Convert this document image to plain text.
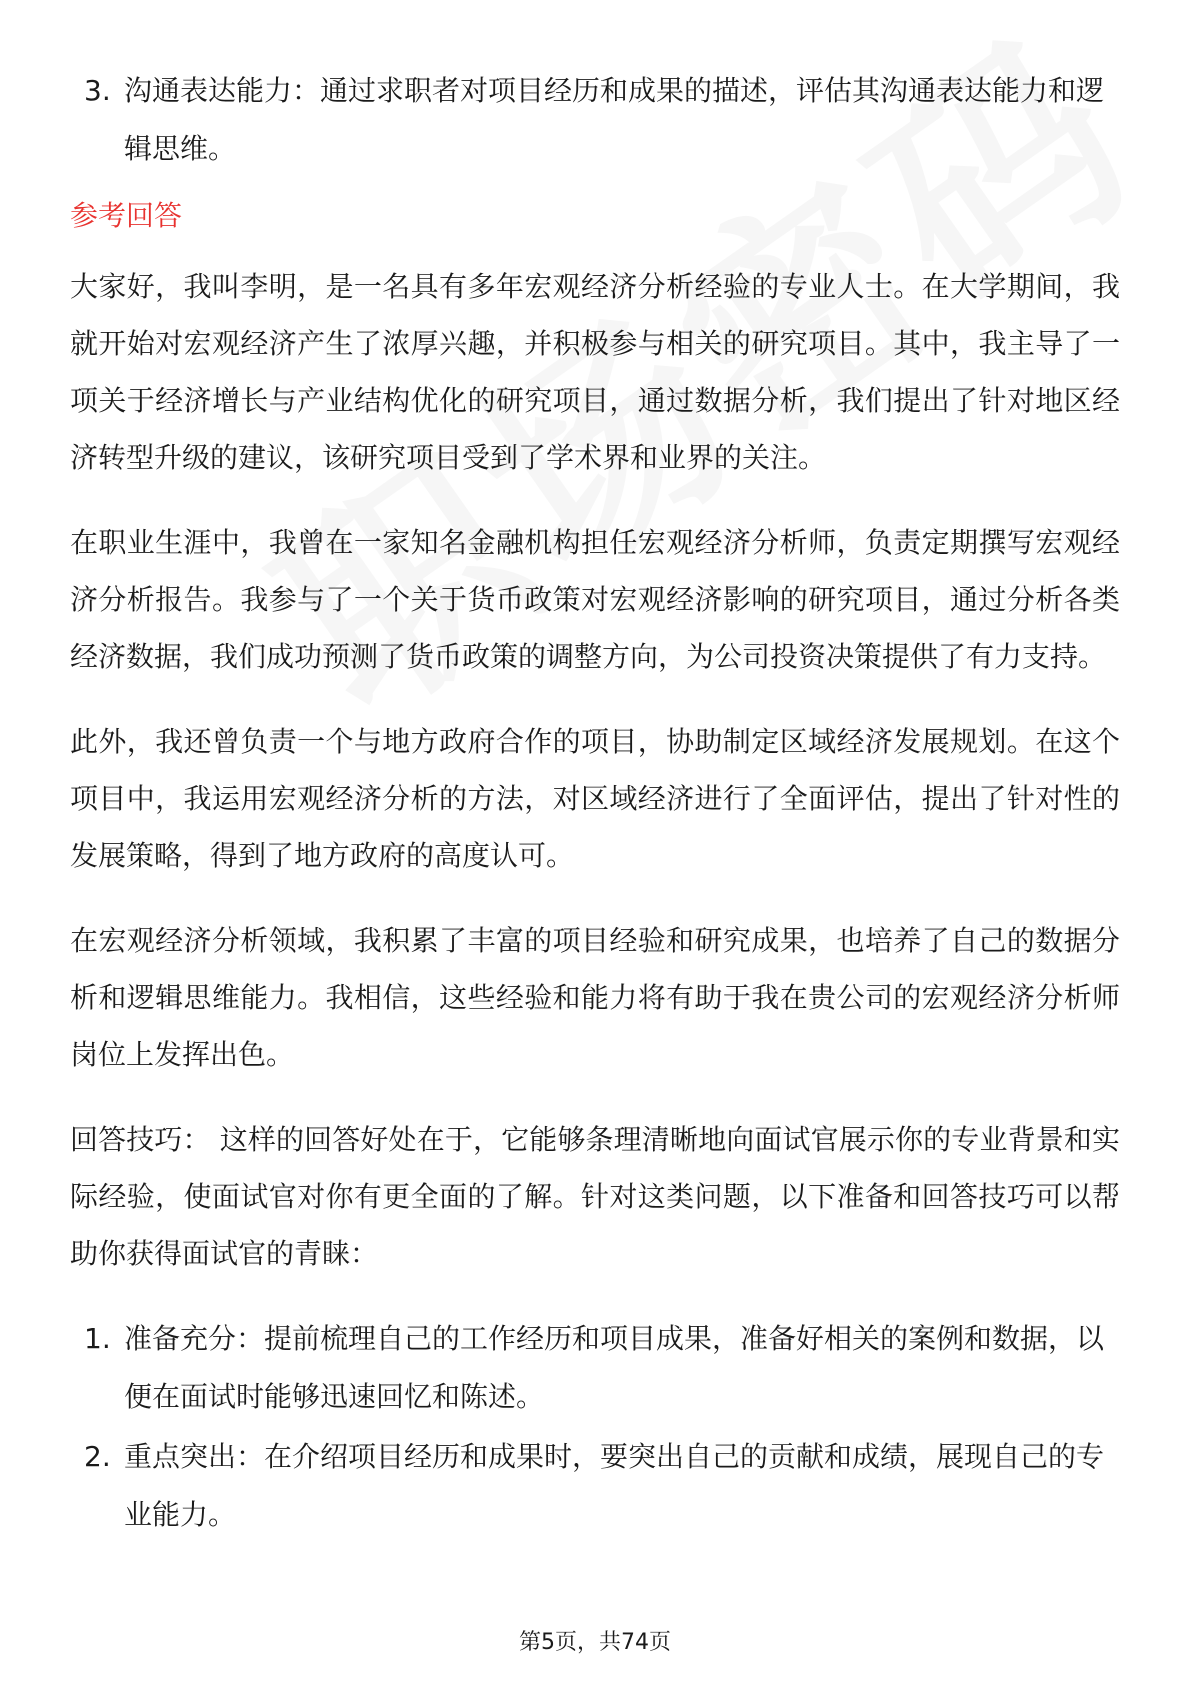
3. 沟通表达能力：通过求职者对项目经历和成果的描述，评估其沟通表达能力和逻辑思维。
参考回答

大家好，我叫李明，是一名具有多年宏观经济分析经验的专业人士。在大学期间，我就开始对宏观经济产生了浓厚兴趣，并积极参与相关的研究项目。其中，我主导了一项关于经济增长与产业结构优化的研究项目，通过数据分析，我们提出了针对地区经济转型升级的建议，该研究项目受到了学术界和业界的关注。

在职业生涯中，我曾在一家知名金融机构担任宏观经济分析师，负责定期撰写宏观经济分析报告。我参与了一个关于货币政策对宏观经济影响的研究项目，通过分析各类经济数据，我们成功预测了货币政策的调整方向，为公司投资决策提供了有力支持。

此外，我还曾负责一个与地方政府合作的项目，协助制定区域经济发展规划。在这个项目中，我运用宏观经济分析的方法，对区域经济进行了全面评估，提出了针对性的发展策略，得到了地方政府的高度认可。

在宏观经济分析领域，我积累了丰富的项目经验和研究成果，也培养了自己的数据分析和逻辑思维能力。我相信，这些经验和能力将有助于我在贵公司的宏观经济分析师岗位上发挥出色。

回答技巧： 这样的回答好处在于，它能够条理清晰地向面试官展示你的专业背景和实际经验，使面试官对你有更全面的了解。针对这类问题，以下准备和回答技巧可以帮助你获得面试官的青睐：

1. 准备充分：提前梳理自己的工作经历和项目成果，准备好相关的案例和数据，以便在面试时能够迅速回忆和陈述。
2. 重点突出：在介绍项目经历和成果时，要突出自己的贡献和成绩，展现自己的专业能力。
第5页，共74页
